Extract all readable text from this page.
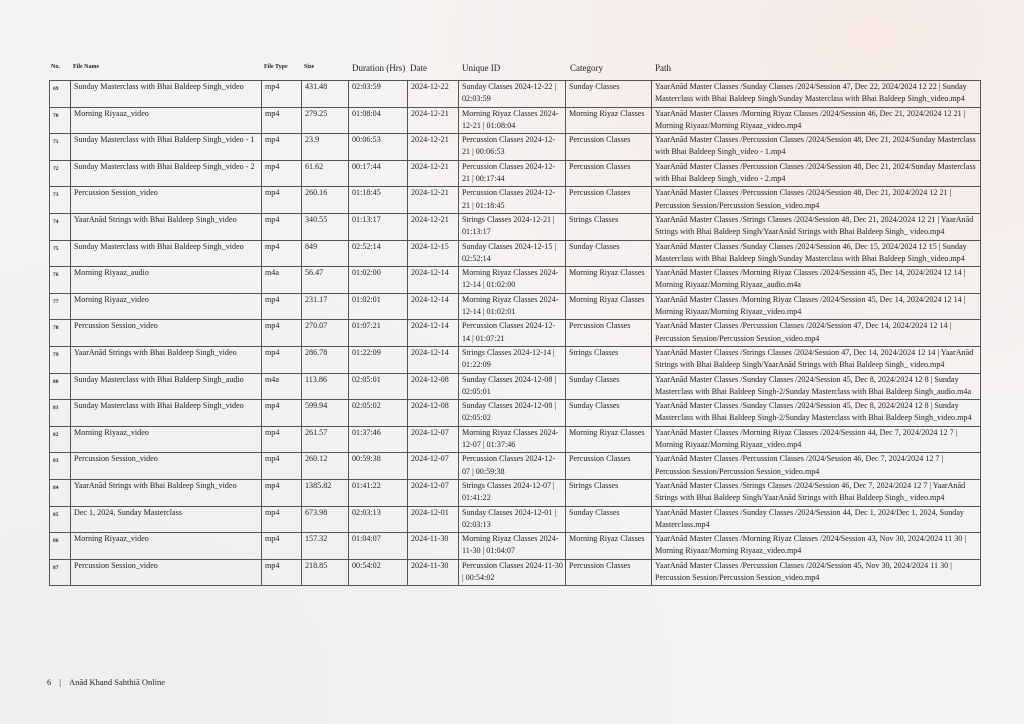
No. File Name	File Type	Size	Duration (Hrs) Date	Unique ID	Category	Path
69	Sunday Masterclass with Bhai Baldeep Singh_video	mp4	431.48	02:03:59	2024-12-22	Sunday Classes 2024-12-22 | 02:03:59	Sunday Classes	YaarAnād Master Classes /Sunday Classes /2024/Session 47, Dec 22, 2024/2024 12 22 | Sunday Masterclass with Bhai Baldeep Singh/Sunday Masterclass with Bhai Baldeep Singh_video.mp4
70	Morning Riyaaz_video	mp4	279.25	01:08:04	2024-12-21	Morning Riyaz Classes 2024-12-21 | 01:08:04	Morning Riyaz Classes	YaarAnād Master Classes /Morning Riyaz Classes /2024/Session 46, Dec 21, 2024/2024 12 21 | Morning Riyaaz/Morning Riyaaz_video.mp4
71	Sunday Masterclass with Bhai Baldeep Singh_video - 1	mp4	23.9	00:06:53	2024-12-21	Percussion Classes 2024-12-21 | 00:06:53	Percussion Classes	YaarAnād Master Classes /Percussion Classes /2024/Session 48, Dec 21, 2024/Sunday Masterclass with Bhai Baldeep Singh_video - 1.mp4
72	Sunday Masterclass with Bhai Baldeep Singh_video - 2	mp4	61.62	00:17:44	2024-12-21	Percussion Classes 2024-12-21 | 00:17:44	Percussion Classes	YaarAnād Master Classes /Percussion Classes /2024/Session 48, Dec 21, 2024/Sunday Masterclass with Bhai Baldeep Singh_video - 2.mp4
73	Percussion Session_video	mp4	260.16	01:18:45	2024-12-21	Percussion Classes 2024-12-21 | 01:18:45	Percussion Classes	YaarAnād Master Classes /Percussion Classes /2024/Session 48, Dec 21, 2024/2024 12 21 | Percussion Session/Percussion Session_video.mp4
74	YaarAnād Strings with Bhai Baldeep Singh_video	mp4	340.55	01:13:17	2024-12-21	Strings Classes 2024-12-21 | 01:13:17	Strings Classes	YaarAnād Master Classes /Strings Classes /2024/Session 48, Dec 21, 2024/2024 12 21 | YaarAnād Strings with Bhai Baldeep Singh/YaarAnād Strings with Bhai Baldeep Singh_ video.mp4
75	Sunday Masterclass with Bhai Baldeep Singh_video	mp4	849	02:52:14	2024-12-15	Sunday Classes 2024-12-15 | 02:52:14	Sunday Classes	YaarAnād Master Classes /Sunday Classes /2024/Session 46, Dec 15, 2024/2024 12 15 | Sunday Masterclass with Bhai Baldeep Singh/Sunday Masterclass with Bhai Baldeep Singh_video.mp4
76	Morning Riyaaz_audio	m4a	56.47	01:02:00	2024-12-14	Morning Riyaz Classes 2024-12-14 | 01:02:00	Morning Riyaz Classes	YaarAnād Master Classes /Morning Riyaz Classes /2024/Session 45, Dec 14, 2024/2024 12 14 | Morning Riyaaz/Morning Riyaaz_audio.m4a
77	Morning Riyaaz_video	mp4	231.17	01:02:01	2024-12-14	Morning Riyaz Classes 2024-12-14 | 01:02:01	Morning Riyaz Classes	YaarAnād Master Classes /Morning Riyaz Classes /2024/Session 45, Dec 14, 2024/2024 12 14 | Morning Riyaaz/Morning Riyaaz_video.mp4
78	Percussion Session_video	mp4	270.07	01:07:21	2024-12-14	Percussion Classes 2024-12-14 | 01:07:21	Percussion Classes	YaarAnād Master Classes /Percussion Classes /2024/Session 47, Dec 14, 2024/2024 12 14 | Percussion Session/Percussion Session_video.mp4
79	YaarAnād Strings with Bhai Baldeep Singh_video	mp4	286.78	01:22:09	2024-12-14	Strings Classes 2024-12-14 | 01:22:09	Strings Classes	YaarAnād Master Classes /Strings Classes /2024/Session 47, Dec 14, 2024/2024 12 14 | YaarAnād Strings with Bhai Baldeep Singh/YaarAnād Strings with Bhai Baldeep Singh_ video.mp4
80	Sunday Masterclass with Bhai Baldeep Singh_audio	m4a	113.86	02:05:01	2024-12-08	Sunday Classes 2024-12-08 | 02:05:01	Sunday Classes	YaarAnād Master Classes /Sunday Classes /2024/Session 45, Dec 8, 2024/2024 12 8 | Sunday Masterclass with Bhai Baldeep Singh-2/Sunday Masterclass with Bhai Baldeep Singh_audio.m4a
81	Sunday Masterclass with Bhai Baldeep Singh_video	mp4	599.94	02:05:02	2024-12-08	Sunday Classes 2024-12-08 | 02:05:02	Sunday Classes	YaarAnād Master Classes /Sunday Classes /2024/Session 45, Dec 8, 2024/2024 12 8 | Sunday Masterclass with Bhai Baldeep Singh-2/Sunday Masterclass with Bhai Baldeep Singh_video.mp4
82	Morning Riyaaz_video	mp4	261.57	01:37:46	2024-12-07	Morning Riyaz Classes 2024-12-07 | 01:37:46	Morning Riyaz Classes	YaarAnād Master Classes /Morning Riyaz Classes /2024/Session 44, Dec 7, 2024/2024 12 7 | Morning Riyaaz/Morning Riyaaz_video.mp4
83	Percussion Session_video	mp4	260.12	00:59:38	2024-12-07	Percussion Classes 2024-12-07 | 00:59:38	Percussion Classes	YaarAnād Master Classes /Percussion Classes /2024/Session 46, Dec 7, 2024/2024 12 7 | Percussion Session/Percussion Session_video.mp4
84	YaarAnād Strings with Bhai Baldeep Singh_video	mp4	1385.82	01:41:22	2024-12-07	Strings Classes 2024-12-07 | 01:41:22	Strings Classes	YaarAnād Master Classes /Strings Classes /2024/Session 46, Dec 7, 2024/2024 12 7 | YaarAnād Strings with Bhai Baldeep Singh/YaarAnād Strings with Bhai Baldeep Singh_ video.mp4
85	Dec 1, 2024, Sunday Masterclass	mp4	673.98	02:03:13	2024-12-01	Sunday Classes 2024-12-01 | 02:03:13	Sunday Classes	YaarAnād Master Classes /Sunday Classes /2024/Session 44, Dec 1, 2024/Dec 1, 2024, Sunday Masterclass.mp4
86	Morning Riyaaz_video	mp4	157.32	01:04:07	2024-11-30	Morning Riyaz Classes 2024-11-30 | 01:04:07	Morning Riyaz Classes	YaarAnād Master Classes /Morning Riyaz Classes /2024/Session 43, Nov 30, 2024/2024 11 30 | Morning Riyaaz/Morning Riyaaz_video.mp4
87	Percussion Session_video	mp4	218.85	00:54:02	2024-11-30	Percussion Classes 2024-11-30 | 00:54:02	Percussion Classes	YaarAnād Master Classes /Percussion Classes /2024/Session 45, Nov 30, 2024/2024 11 30 | Percussion Session/Percussion Session_video.mp4
6 | Anād Khand Sahthiā Online
